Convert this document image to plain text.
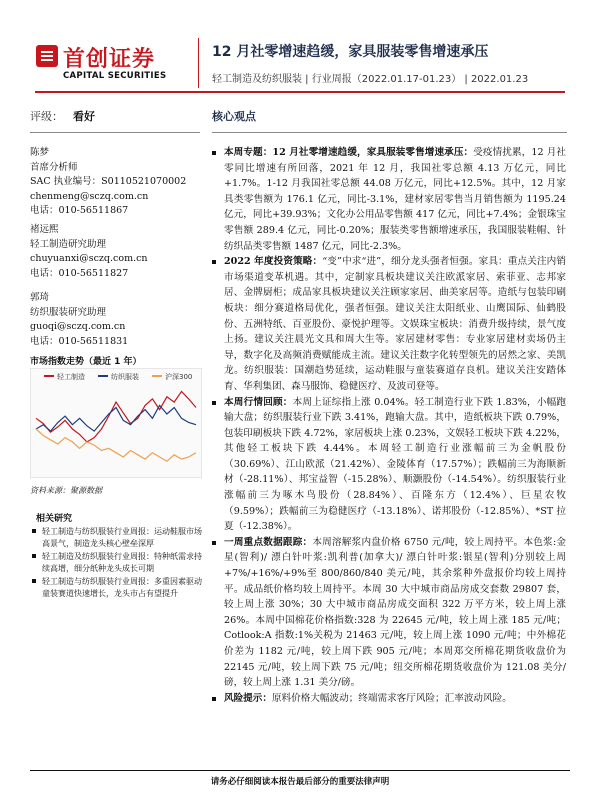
首创证券
CAPITAL SECURITIES
12 月社零增速趋缓，家具服装零售增速承压
轻工制造及纺织服装 | 行业周报（2022.01.17-01.23） | 2022.01.23
评级： 看好	核心观点
陈梦
首席分析师
SAC 执业编号：S0110521070002
chenmeng@sczq.com.cn
电话：010-56511867
褚远熙
轻工制造研究助理
chuyuanxi@sczq.com.cn
电话：010-56511827
郭琦
纺织服装研究助理
guoqi@sczq.com.cn
电话：010-56511831
市场指数走势（最近 1 年）
轻工制造	纺织服装	沪深300
资料来源：聚源数据
相关研究
轻工制造与纺织服装行业周报：运动鞋服市场高景气，制造龙头核心壁垒深厚
轻工制造及纺织服装行业周报：特种纸需求持续高增，细分纸种龙头成长可期
轻工制造与纺织服装行业周报：多重因素驱动童装赛道快速增长，龙头市占有望提升
本周专题：12 月社零增速趋缓，家具服装零售增速承压：受疫情扰累，12 月社零同比增速有所回落，2021 年 12 月，我国社零总额 4.13 万亿元，同比+1.7%。1-12 月我国社零总额 44.08 万亿元，同比+12.5%。其中，12 月家具类零售额为 176.1 亿元，同比-3.1%，建材家居零售当月销售额为 1195.24 亿元，同比+39.93%；文化办公用品零售额 417 亿元，同比+7.4%；金银珠宝零售额 289.4 亿元，同比-0.20%；服装类零售额增速承压，我国服装鞋帽、针纺织品类零售额 1487 亿元，同比-2.3%。
2022 年度投资策略：“变”中求“进”，细分龙头强者恒强。家具：重点关注内销市场渠道变革机遇。其中，定制家具板块建议关注欧派家居、索菲亚、志邦家居、金牌厨柜；成品家具板块建议关注顾家家居、曲美家居等。造纸与包装印刷板块：细分赛道格局优化，强者恒强。建议关注太阳纸业、山鹰国际、仙鹤股份、五洲特纸、百亚股份、豪悦护理等。文娱珠宝板块：消费升级持续，景气度上扬。建议关注晨光文具和周大生等。家居建材零售：专业家居建材卖场仍主导，数字化及高频消费赋能成主流。建议关注数字化转型领先的居然之家、美凯龙。纺织服装：国潮趋势延续，运动鞋服与童装赛道存良机。建议关注安踏体育、华利集团、森马服饰、稳健医疗、及波司登等。
本周行情回顾：本周上证综指上涨 0.04%。轻工制造行业下跌 1.83%，小幅跑输大盘；纺织服装行业下跌 3.41%，跑输大盘。其中，造纸板块下跌 0.79%，包装印刷板块下跌 4.72%，家居板块上涨 0.23%，文娱轻工板块下跌 4.22%，其他轻工板块下跌 4.44%。本周轻工制造行业涨幅前三为金帆股份（30.69%）、江山欧派（21.42%）、金陵体育（17.57%）；跌幅前三为海顺新材（-28.11%）、邦宝益智（-15.28%）、顺灏股份（-14.54%）。纺织服装行业涨幅前三为啄木鸟股份（28.84%）、百隆东方（12.4%）、巨星农牧（9.59%）；跌幅前三为稳健医疗（-13.18%）、诺邦股份（-12.85%）、*ST 拉夏（-12.38%）。
一周重点数据跟踪：本周溶解浆内盘价格 6750 元/吨，较上周持平。本色浆:金星(智利)/ 漂白针叶浆:凯利普(加拿大)/ 漂白针叶浆:银星(智利)分别较上周+7%/+16%/+9%至 800/860/840 美元/吨，其余浆种外盘报价均较上周持平。成品纸价格均较上周持平。本周 30 大中城市商品房成交套数 29807 套，较上周上涨 30%；30 大中城市商品房成交面积 322 万平方米，较上周上涨 26%。本周中国棉花价格指数:328 为 22645 元/吨，较上周上涨 185 元/吨；Cotlook:A 指数:1%关税为 21463 元/吨，较上周上涨 1090 元/吨；中外棉花价差为 1182 元/吨，较上周下跌 905 元/吨；本周郑交所棉花期货收盘价为 22145 元/吨，较上周下跌 75 元/吨；纽交所棉花期货收盘价为 121.08 美分/磅，较上周上涨 1.31 美分/磅。
风险提示：原料价格大幅波动；终端需求客厅风险；汇率波动风险。
请务必仔细阅读本报告最后部分的重要法律声明
